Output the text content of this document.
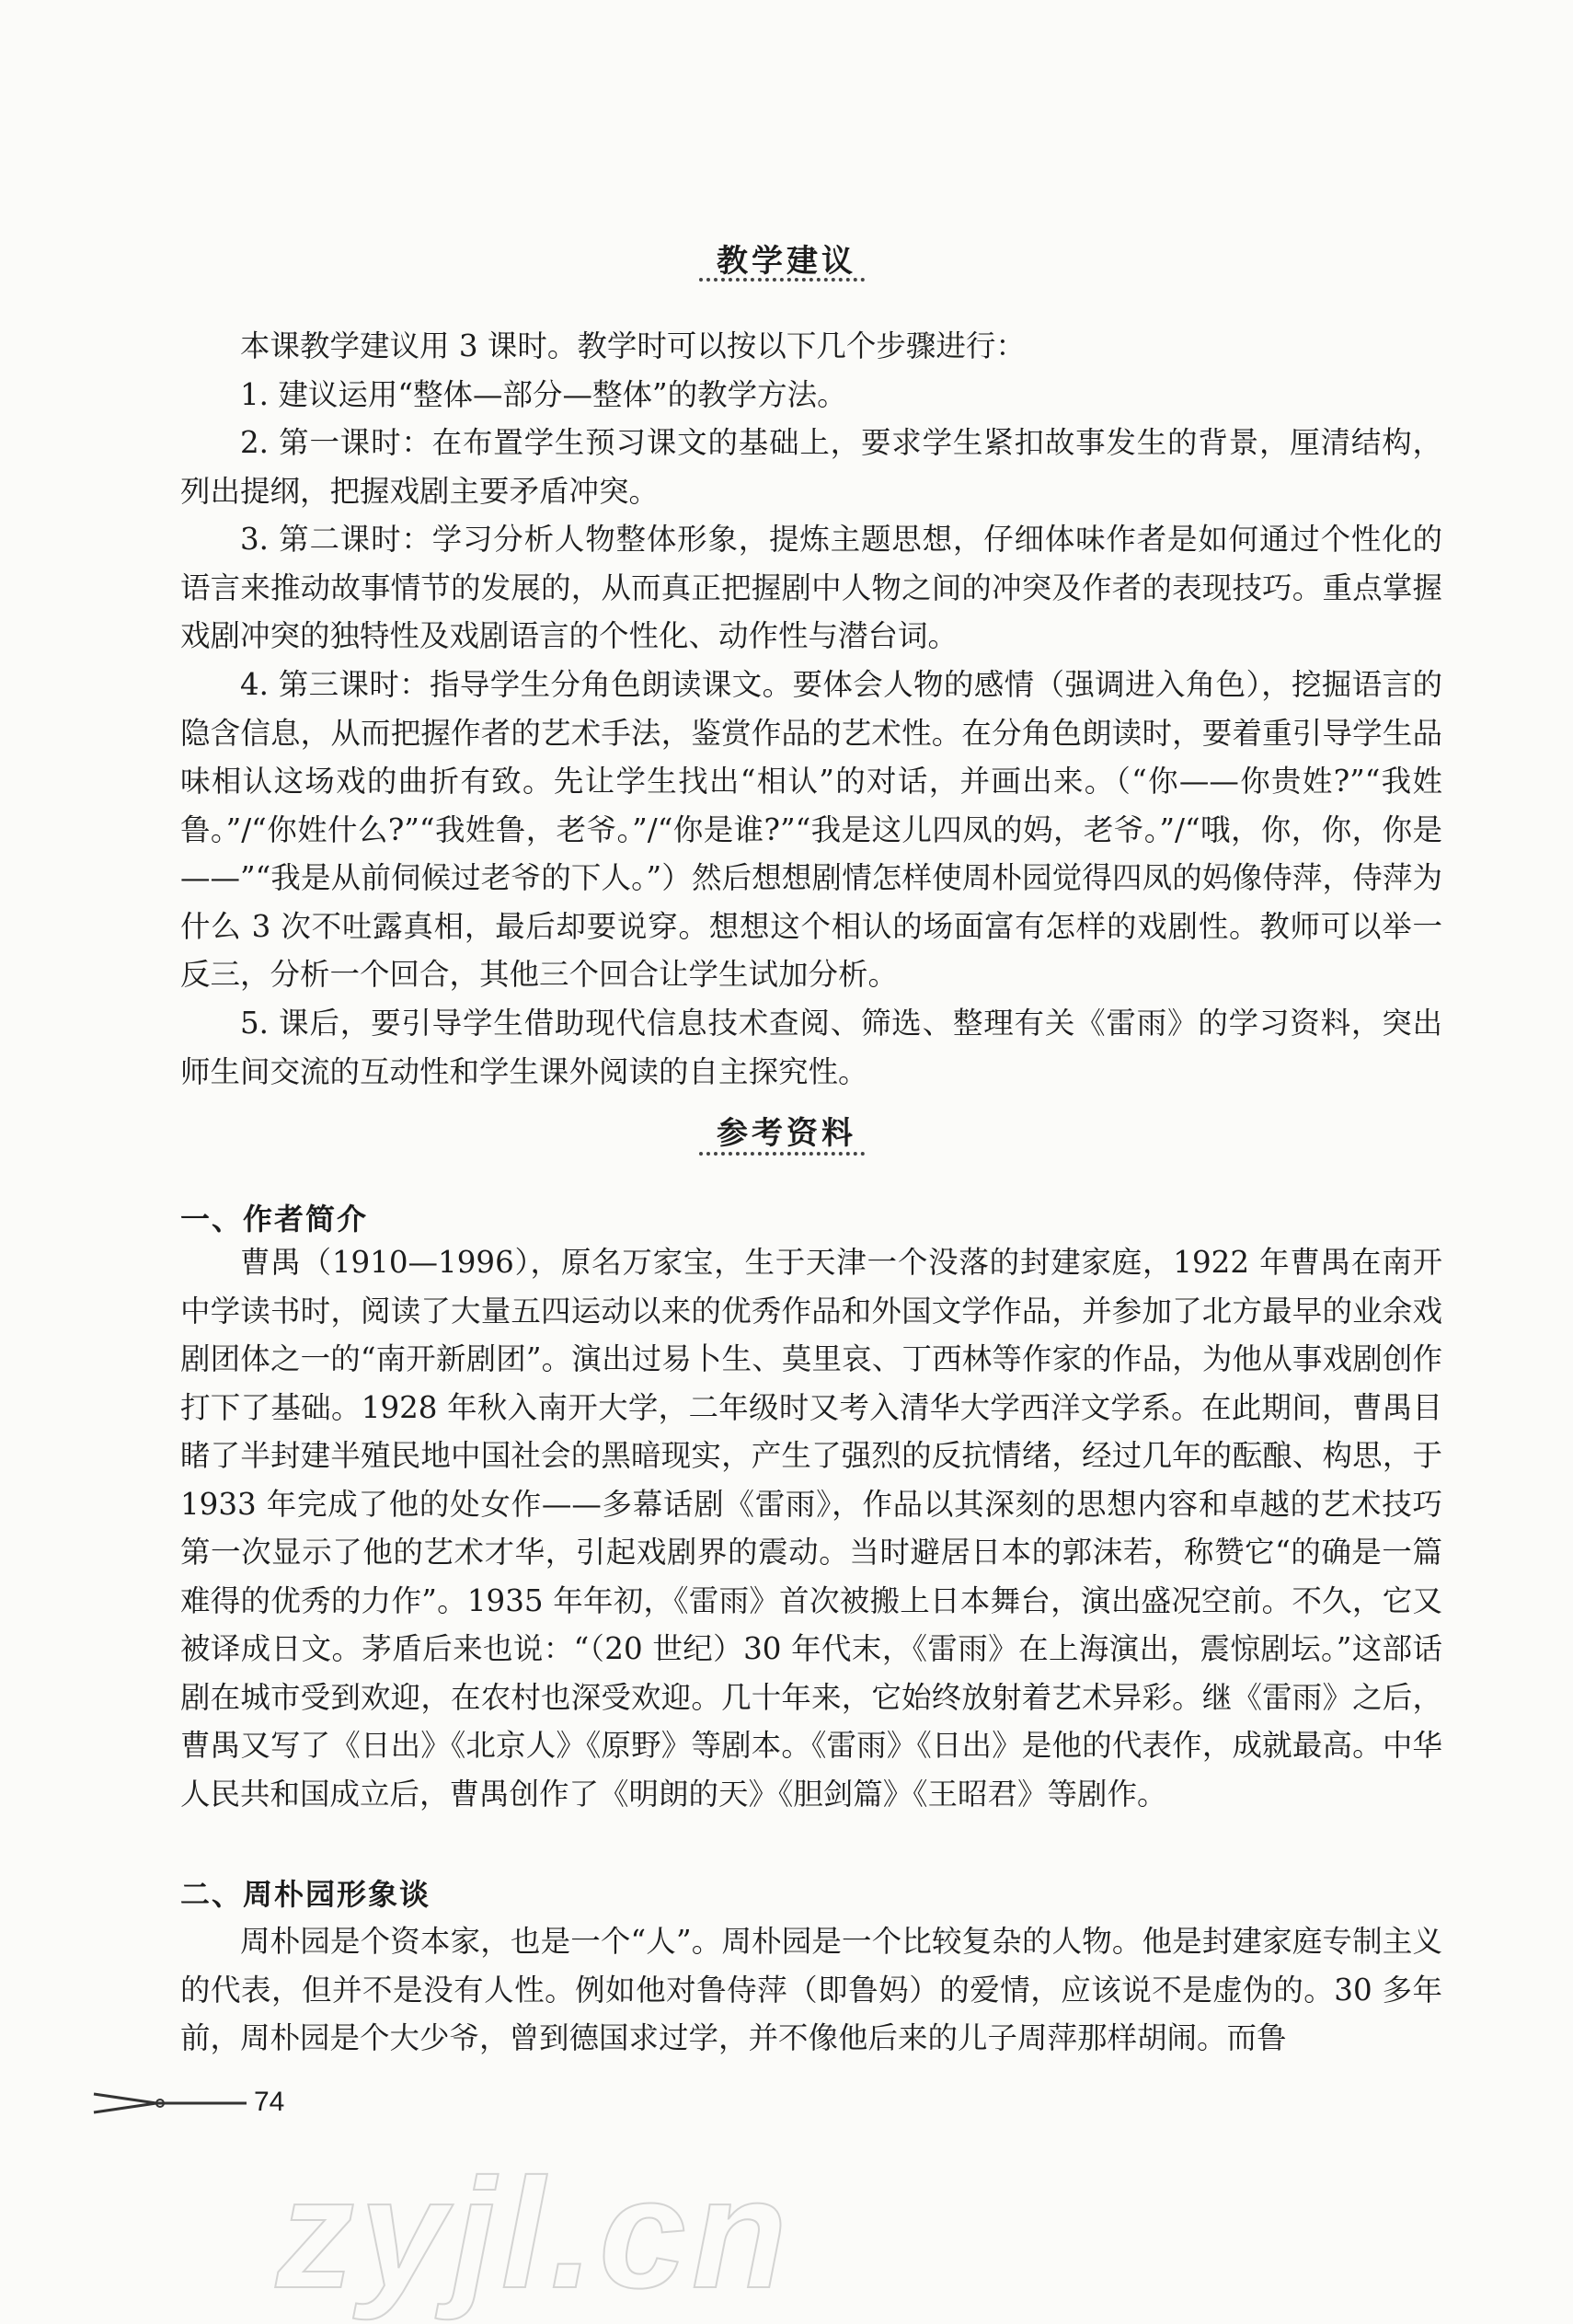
教学建议

本课教学建议用 3 课时。教学时可以按以下几个步骤进行：

1. 建议运用“整体—部分—整体”的教学方法。

2. 第一课时：在布置学生预习课文的基础上，要求学生紧扣故事发生的背景，厘清结构，列出提纲，把握戏剧主要矛盾冲突。

3. 第二课时：学习分析人物整体形象，提炼主题思想，仔细体味作者是如何通过个性化的语言来推动故事情节的发展的，从而真正把握剧中人物之间的冲突及作者的表现技巧。重点掌握戏剧冲突的独特性及戏剧语言的个性化、动作性与潜台词。

4. 第三课时：指导学生分角色朗读课文。要体会人物的感情（强调进入角色），挖掘语言的隐含信息，从而把握作者的艺术手法，鉴赏作品的艺术性。在分角色朗读时，要着重引导学生品味相认这场戏的曲折有致。先让学生找出“相认”的对话，并画出来。（“你——你贵姓?”“我姓鲁。”/“你姓什么?”“我姓鲁，老爷。”/“你是谁?”“我是这儿四凤的妈，老爷。”/“哦，你，你，你是——”“我是从前伺候过老爷的下人。”）然后想想剧情怎样使周朴园觉得四凤的妈像侍萍，侍萍为什么 3 次不吐露真相，最后却要说穿。想想这个相认的场面富有怎样的戏剧性。教师可以举一反三，分析一个回合，其他三个回合让学生试加分析。

5. 课后，要引导学生借助现代信息技术查阅、筛选、整理有关《雷雨》的学习资料，突出师生间交流的互动性和学生课外阅读的自主探究性。

参考资料
一、作者简介

曹禺（1910—1996），原名万家宝，生于天津一个没落的封建家庭，1922 年曹禺在南开中学读书时，阅读了大量五四运动以来的优秀作品和外国文学作品，并参加了北方最早的业余戏剧团体之一的“南开新剧团”。演出过易卜生、莫里哀、丁西林等作家的作品，为他从事戏剧创作打下了基础。1928 年秋入南开大学，二年级时又考入清华大学西洋文学系。在此期间，曹禺目睹了半封建半殖民地中国社会的黑暗现实，产生了强烈的反抗情绪，经过几年的酝酿、构思，于 1933 年完成了他的处女作——多幕话剧《雷雨》，作品以其深刻的思想内容和卓越的艺术技巧第一次显示了他的艺术才华，引起戏剧界的震动。当时避居日本的郭沫若，称赞它“的确是一篇难得的优秀的力作”。1935 年年初，《雷雨》首次被搬上日本舞台，演出盛况空前。不久，它又被译成日文。茅盾后来也说：“（20 世纪）30 年代末，《雷雨》在上海演出，震惊剧坛。”这部话剧在城市受到欢迎，在农村也深受欢迎。几十年来，它始终放射着艺术异彩。继《雷雨》之后，曹禺又写了《日出》《北京人》《原野》等剧本。《雷雨》《日出》是他的代表作，成就最高。中华人民共和国成立后，曹禺创作了《明朗的天》《胆剑篇》《王昭君》等剧作。

二、周朴园形象谈

周朴园是个资本家，也是一个“人”。周朴园是一个比较复杂的人物。他是封建家庭专制主义的代表，但并不是没有人性。例如他对鲁侍萍（即鲁妈）的爱情，应该说不是虚伪的。30 多年前，周朴园是个大少爷，曾到德国求过学，并不像他后来的儿子周萍那样胡闹。而鲁

74
zyjl.cn
